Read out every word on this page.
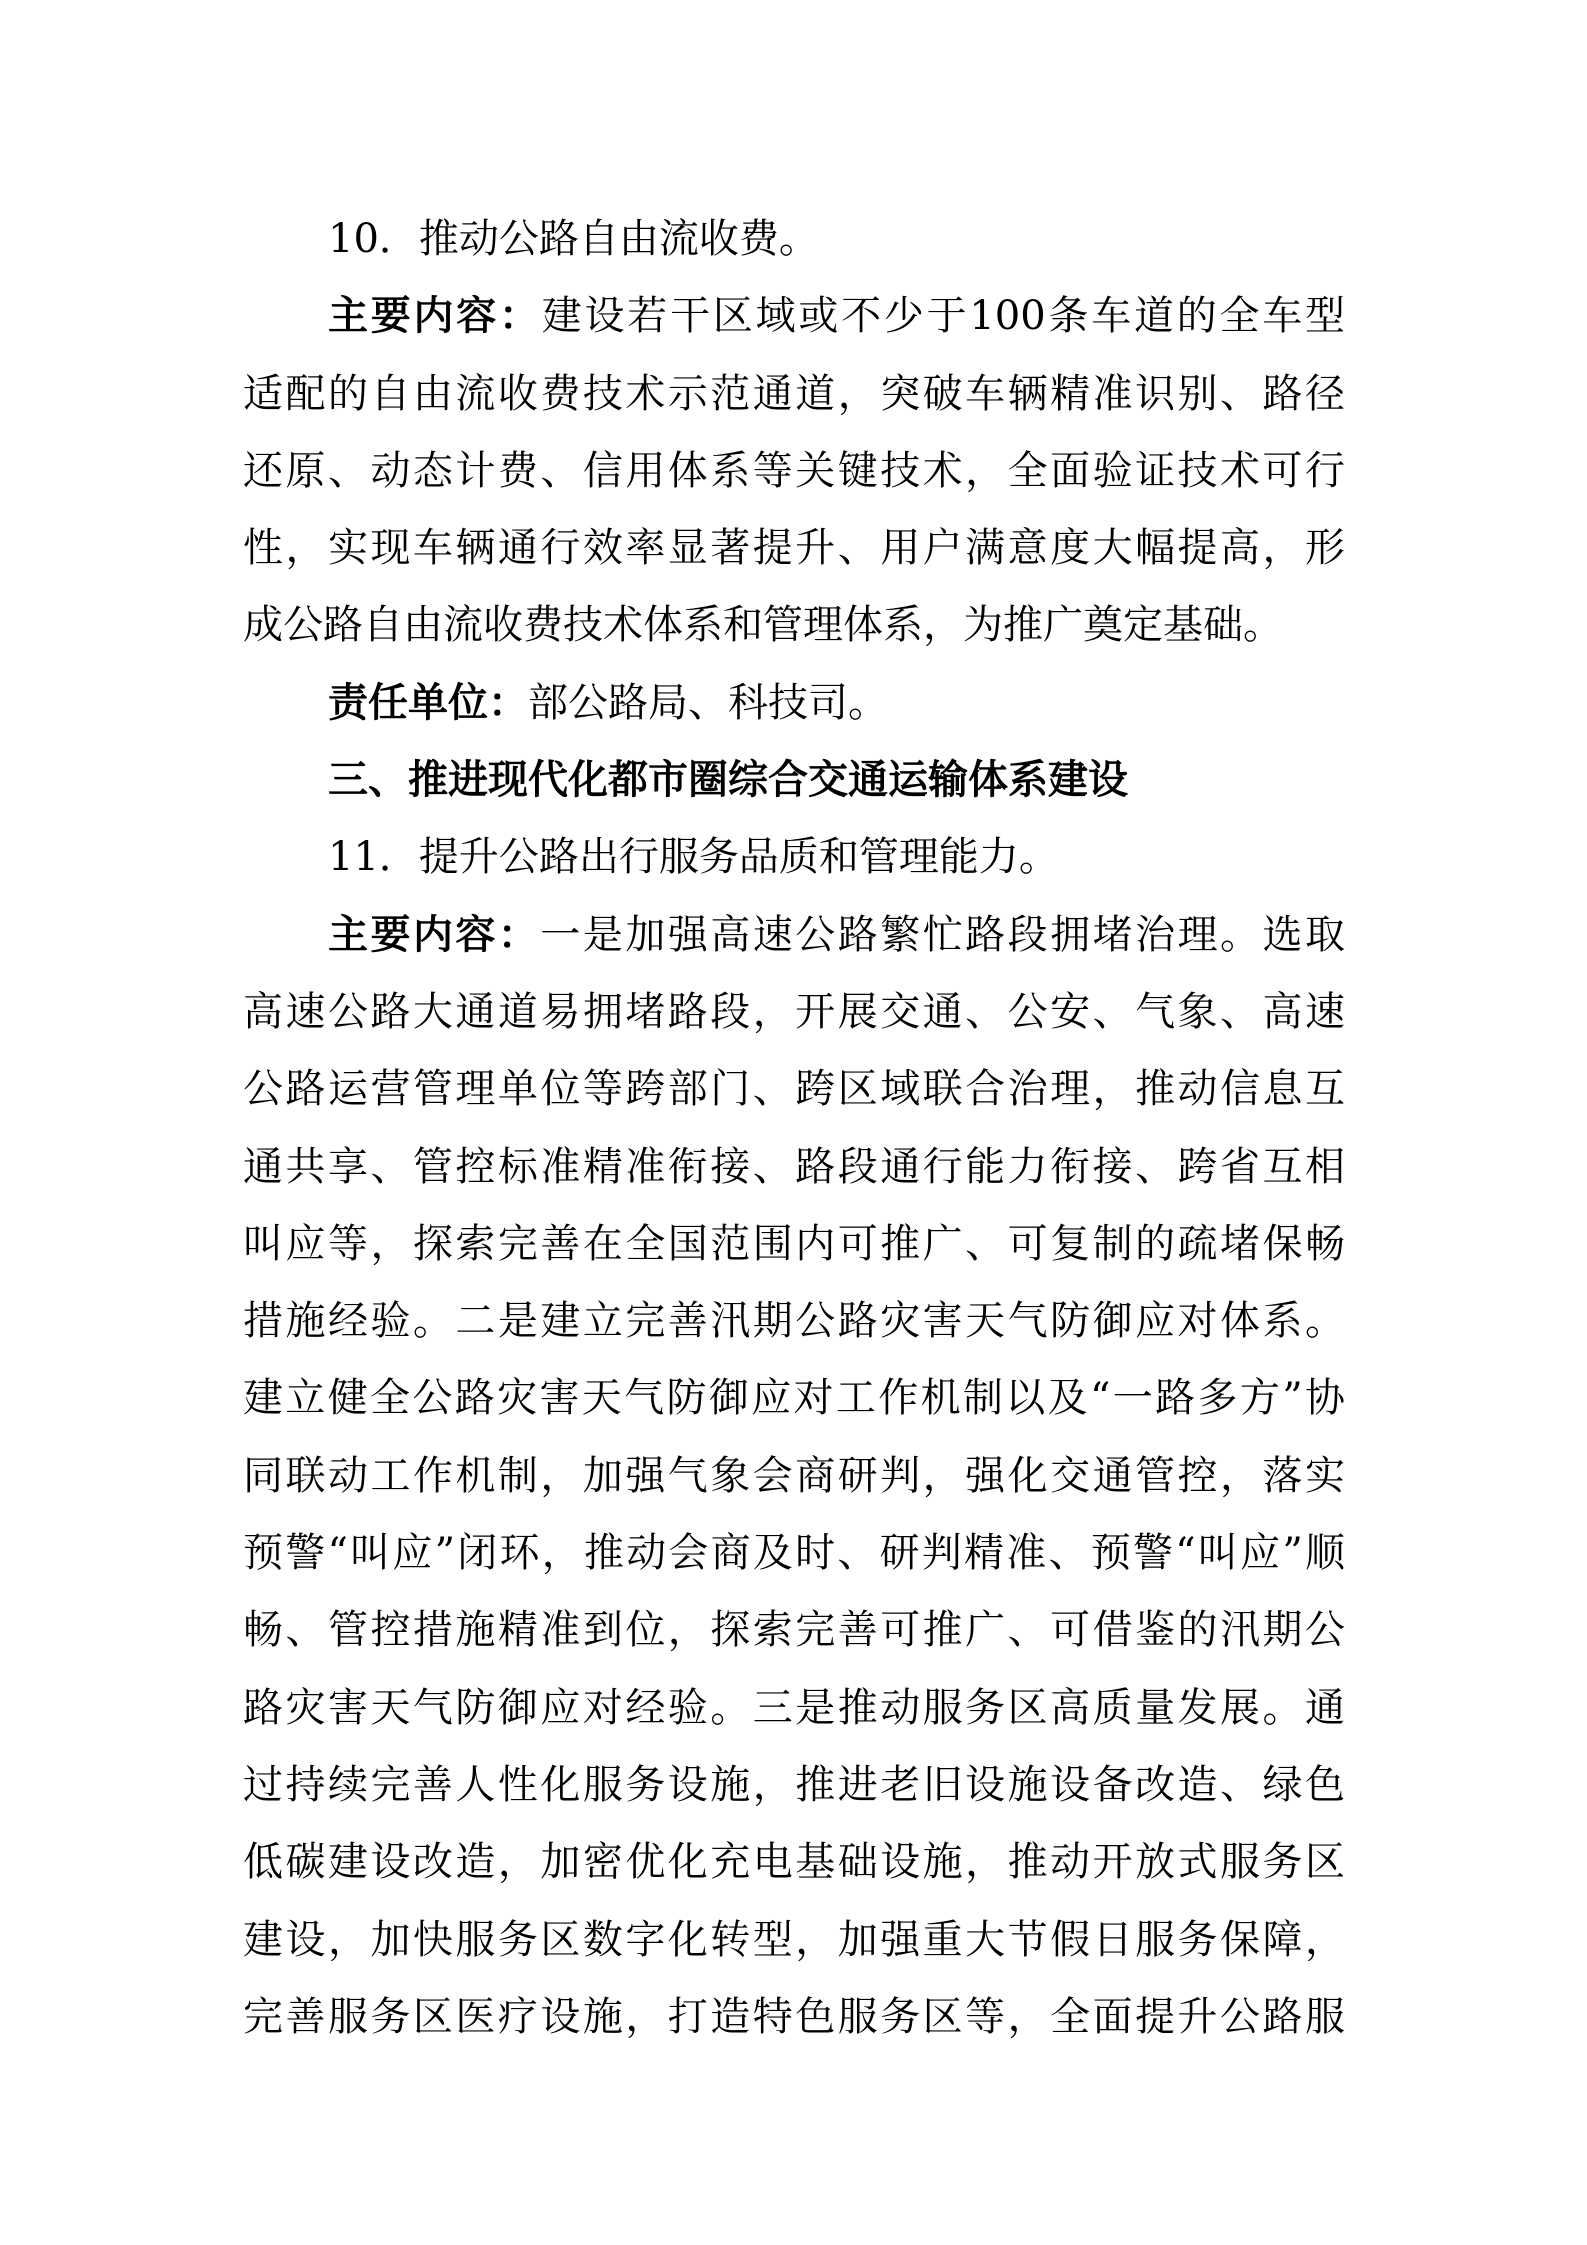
10．推动公路自由流收费。
主要内容：建设若干区域或不少于100条车道的全车型
适配的自由流收费技术示范通道，突破车辆精准识别、路径
还原、动态计费、信用体系等关键技术，全面验证技术可行
性，实现车辆通行效率显著提升、用户满意度大幅提高，形
成公路自由流收费技术体系和管理体系，为推广奠定基础。
责任单位：部公路局、科技司。
三、推进现代化都市圈综合交通运输体系建设
11．提升公路出行服务品质和管理能力。
主要内容：一是加强高速公路繁忙路段拥堵治理。选取
高速公路大通道易拥堵路段，开展交通、公安、气象、高速
公路运营管理单位等跨部门、跨区域联合治理，推动信息互
通共享、管控标准精准衔接、路段通行能力衔接、跨省互相
叫应等，探索完善在全国范围内可推广、可复制的疏堵保畅
措施经验。二是建立完善汛期公路灾害天气防御应对体系。
建立健全公路灾害天气防御应对工作机制以及“一路多方”协
同联动工作机制，加强气象会商研判，强化交通管控，落实
预警“叫应”闭环，推动会商及时、研判精准、预警“叫应”顺
畅、管控措施精准到位，探索完善可推广、可借鉴的汛期公
路灾害天气防御应对经验。三是推动服务区高质量发展。通
过持续完善人性化服务设施，推进老旧设施设备改造、绿色
低碳建设改造，加密优化充电基础设施，推动开放式服务区
建设，加快服务区数字化转型，加强重大节假日服务保障，
完善服务区医疗设施，打造特色服务区等，全面提升公路服
